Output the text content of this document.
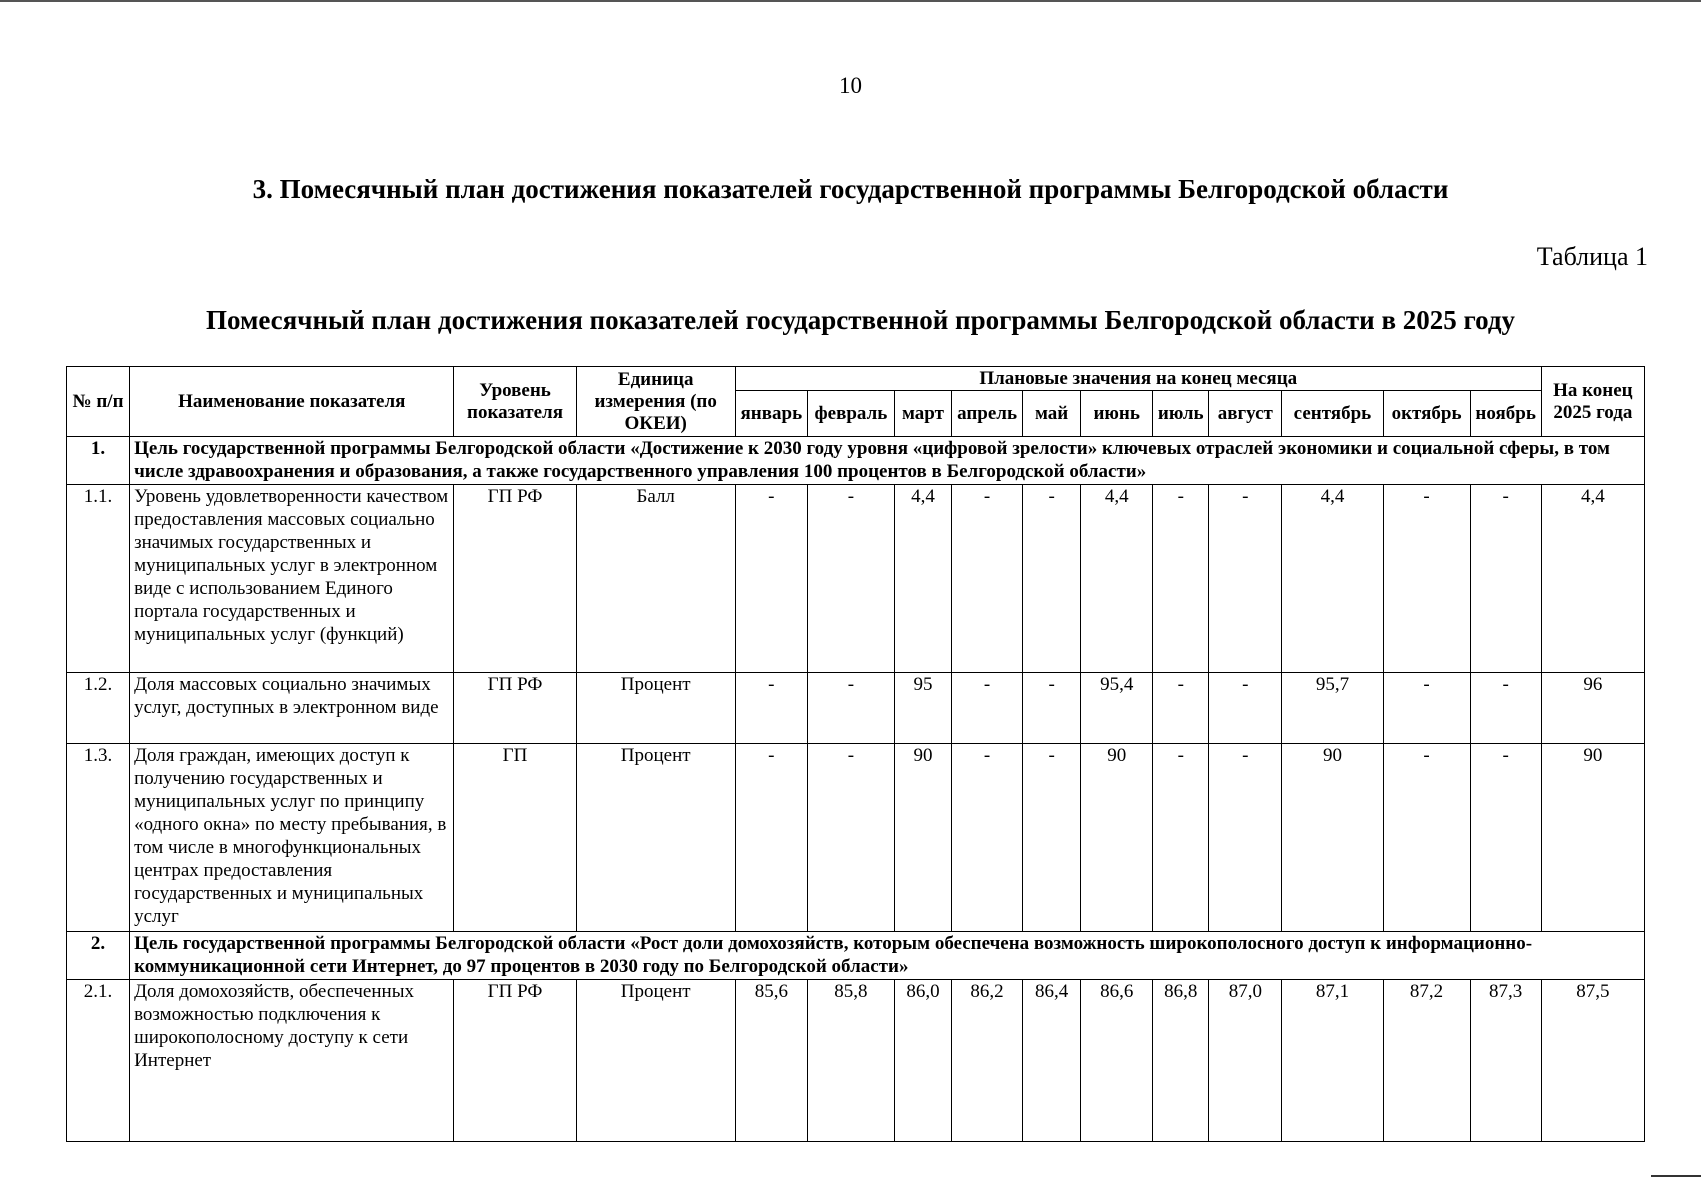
10
3. Помесячный план достижения показателей государственной программы Белгородской области
Таблица 1
Помесячный план достижения показателей государственной программы Белгородской области в 2025 году
№ п/п	Наименование показателя	Уровень показателя	Единица измерения (по ОКЕИ)	Плановые значения на конец месяца											На конец 2025 года
				январь	февраль	март	апрель	май	июнь	июль	август	сентябрь	октябрь	ноябрь	
1.	Цель государственной программы Белгородской области «Достижение к 2030 году уровня «цифровой зрелости» ключевых отраслей экономики и социальной сферы, в том числе здравоохранения и образования, а также государственного управления 100 процентов в Белгородской области»														
1.1.	Уровень удовлетворенности качеством предоставления массовых социально значимых государственных и муниципальных услуг в электронном виде с использованием Единого портала государственных и муниципальных услуг (функций)	ГП РФ	Балл	-	-	4,4	-	-	4,4	-	-	4,4	-	-	4,4
1.2.	Доля массовых социально значимых услуг, доступных в электронном виде	ГП РФ	Процент	-	-	95	-	-	95,4	-	-	95,7	-	-	96
1.3.	Доля граждан, имеющих доступ к получению государственных и муниципальных услуг по принципу «одного окна» по месту пребывания, в том числе в многофункциональных центрах предоставления государственных и муниципальных услуг	ГП	Процент	-	-	90	-	-	90	-	-	90	-	-	90
2.	Цель государственной программы Белгородской области «Рост доли домохозяйств, которым обеспечена возможность широкополосного доступ к информационно-коммуникационной сети Интернет, до 97 процентов в 2030 году по Белгородской области»														
2.1.	Доля домохозяйств, обеспеченных возможностью подключения к широкополосному доступу к сети Интернет	ГП РФ	Процент	85,6	85,8	86,0	86,2	86,4	86,6	86,8	87,0	87,1	87,2	87,3	87,5
